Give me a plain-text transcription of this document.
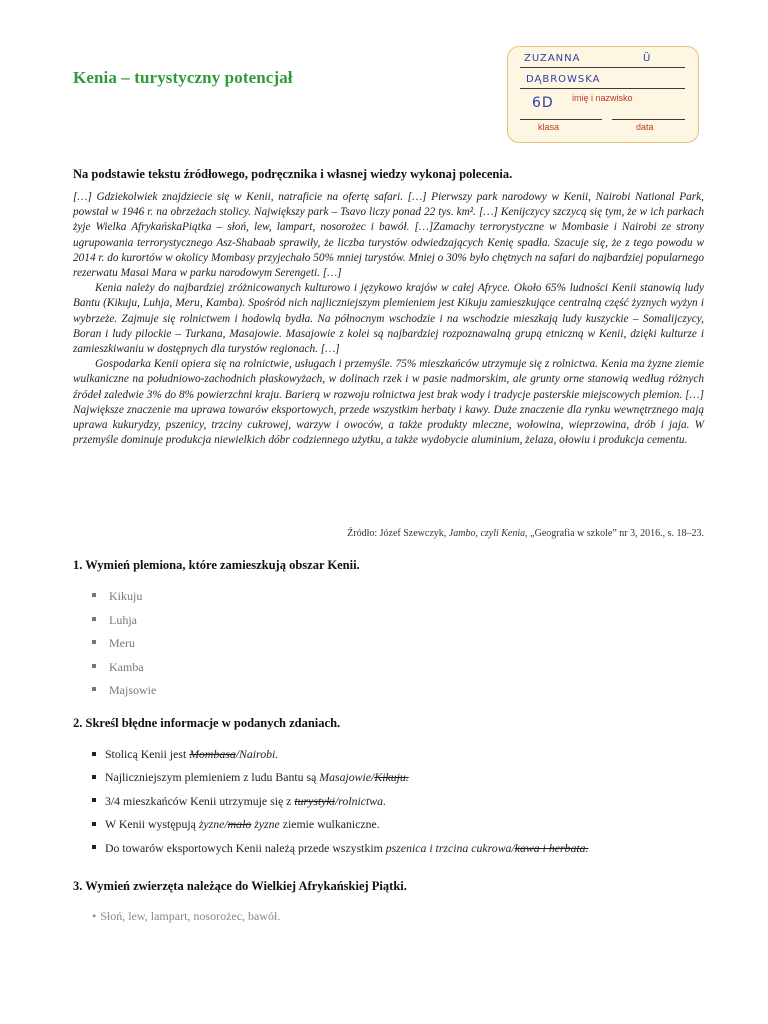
Kenia – turystyczny potencjał
ZUZANNA	Ü
DĄBROWSKA
imię i nazwisko
6D
klasa	data
Na podstawie tekstu źródłowego, podręcznika i własnej wiedzy wykonaj polecenia.

[…] Gdziekolwiek znajdziecie się w Kenii, natraficie na ofertę safari. […] Pierwszy park narodowy w Kenii, Nairobi National Park, powstał w 1946 r. na obrzeżach stolicy. Największy park – Tsavo liczy ponad 22 tys. km². […] Kenijczycy szczycą się tym, że w ich parkach żyje Wielka AfrykańskaPiątka – słoń, lew, lampart, nosorożec i bawół. […]Zamachy terrorystyczne w Mombasie i Nairobi ze strony ugrupowania terrorystycznego Asz-Shabaab sprawiły, że liczba turystów odwiedzających Kenię spadła. Szacuje się, że z tego powodu w 2014 r. do kurortów w okolicy Mombasy przyjechało 50% mniej turystów. Mniej o 30% było chętnych na safari do najbardziej popularnego rezerwatu Masai Mara w parku narodowym Serengeti. […]

Kenia należy do najbardziej zróżnicowanych kulturowo i językowo krajów w całej Afryce. Około 65% ludności Kenii stanowią ludy Bantu (Kikuju, Luhja, Meru, Kamba). Spośród nich najliczniejszym plemieniem jest Kikuju zamieszkujące centralną część żyznych wyżyn i wybrzeże. Zajmuje się rolnictwem i hodowlą bydła. Na północnym wschodzie i na wschodzie mieszkają ludy kuszyckie – Somalijczycy, Boran i ludy pilockie – Turkana, Masajowie. Masajowie z kolei są najbardziej rozpoznawalną grupą etniczną w Kenii, dzięki kulturze i zamieszkiwaniu w dostępnych dla turystów regionach. […]

Gospodarka Kenii opiera się na rolnictwie, usługach i przemyśle. 75% mieszkańców utrzymuje się z rolnictwa. Kenia ma żyzne ziemie wulkaniczne na południowo-zachodnich płaskowyżach, w dolinach rzek i w pasie nadmorskim, ale grunty orne stanowią według różnych źródeł zaledwie 3% do 8% powierzchni kraju. Barierą w rozwoju rolnictwa jest brak wody i tradycje pasterskie miejscowych plemion. […] Największe znaczenie ma uprawa towarów eksportowych, przede wszystkim herbaty i kawy. Duże znaczenie dla rynku wewnętrznego mają uprawa kukurydzy, pszenicy, trzciny cukrowej, warzyw i owoców, a także produkty mleczne, wołowina, wieprzowina, drób i jaja. W przemyśle dominuje produkcja niewielkich dóbr codziennego użytku, a także wydobycie aluminium, żelaza, ołowiu i produkcja cementu.

Źródło: Józef Szewczyk, Jambo, czyli Kenia, „Geografia w szkole” nr 3, 2016., s. 18–23.
1. Wymień plemiona, które zamieszkują obszar Kenii.
Kikuju
Luhja
Meru
Kamba
Majsowie
2. Skreśl błędne informacje w podanych zdaniach.
Stolicą Kenii jest Mombasa/Nairobi.
Najliczniejszym plemieniem z ludu Bantu są Masajowie/Kikuju.
3/4 mieszkańców Kenii utrzymuje się z turystyki/rolnictwa.
W Kenii występują żyzne/mało żyzne ziemie wulkaniczne.
Do towarów eksportowych Kenii należą przede wszystkim pszenica i trzcina cukrowa/kawa i herbata.
3. Wymień zwierzęta należące do Wielkiej Afrykańskiej Piątki.
• Słoń, lew, lampart, nosorożec, bawół.
